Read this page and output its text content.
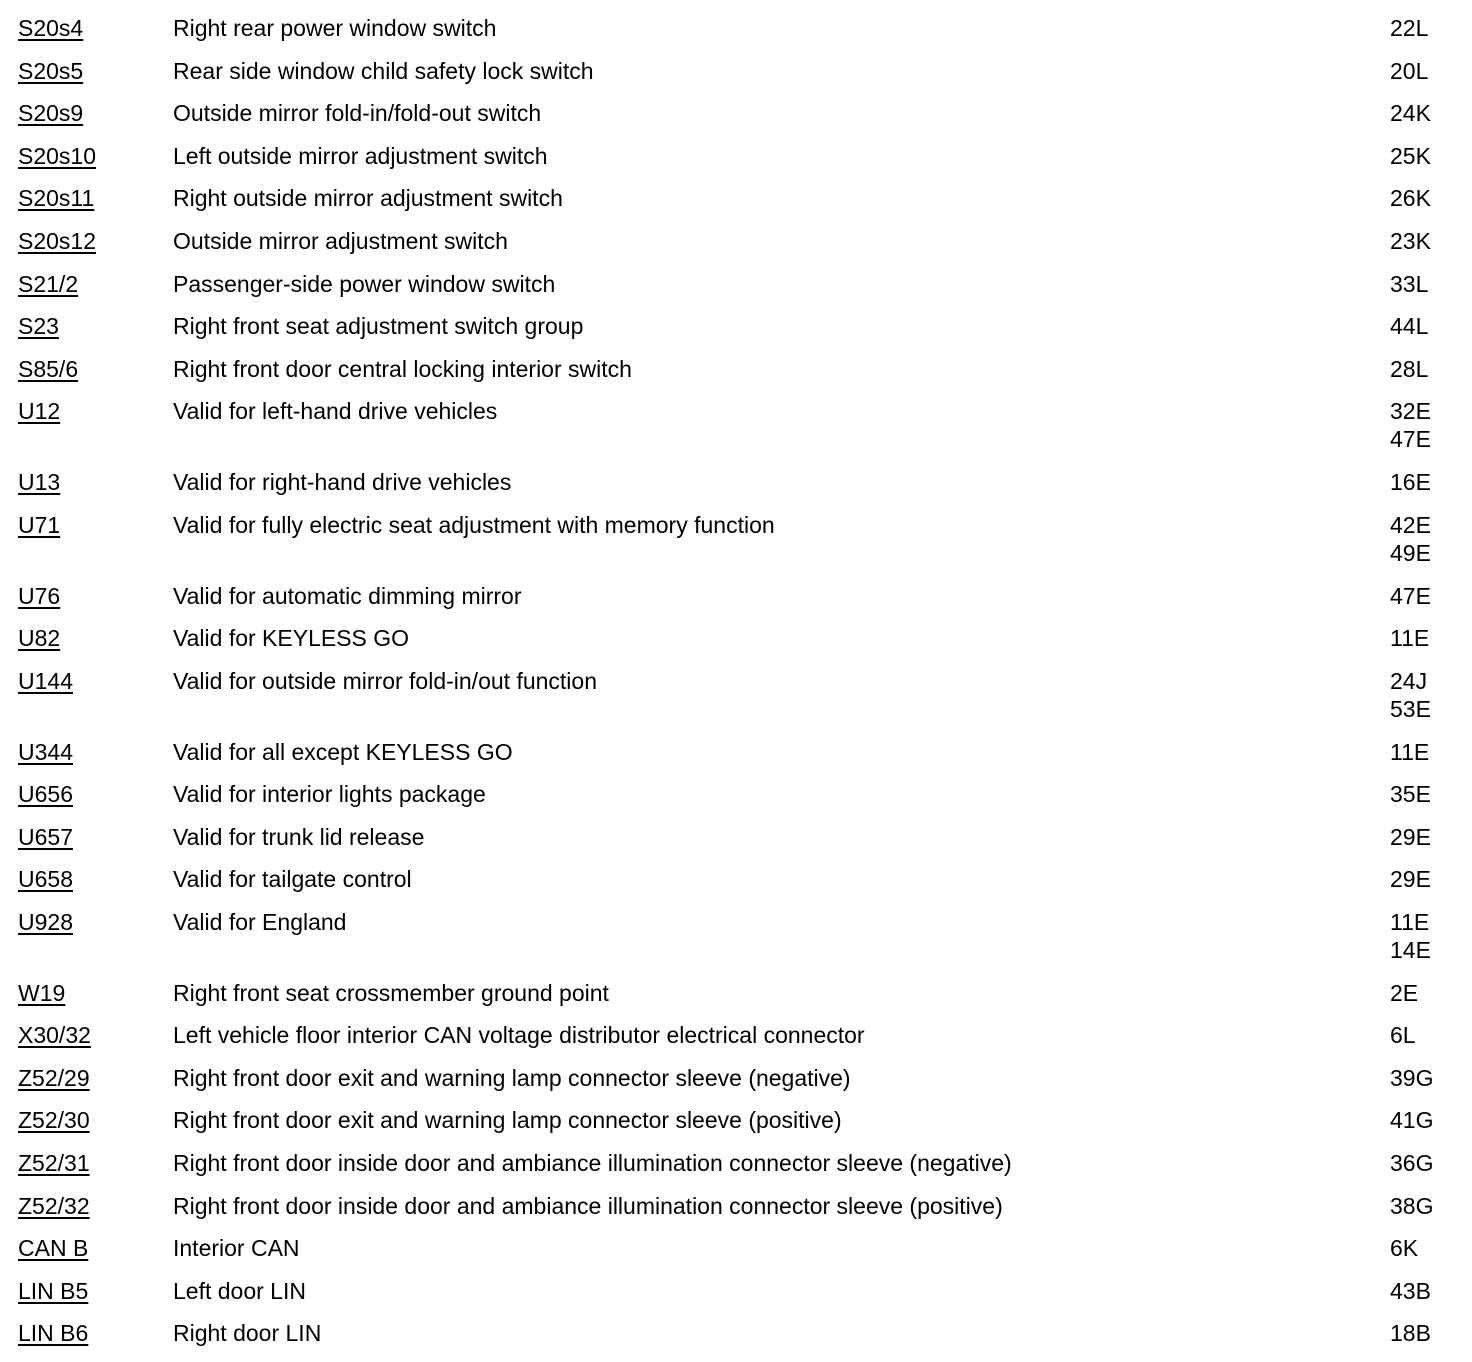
S20s4	Right rear power window switch	22L
S20s5	Rear side window child safety lock switch	20L
S20s9	Outside mirror fold-in/fold-out switch	24K
S20s10	Left outside mirror adjustment switch	25K
S20s11	Right outside mirror adjustment switch	26K
S20s12	Outside mirror adjustment switch	23K
S21/2	Passenger-side power window switch	33L
S23	Right front seat adjustment switch group	44L
S85/6	Right front door central locking interior switch	28L
U12	Valid for left-hand drive vehicles	32E
47E
U13	Valid for right-hand drive vehicles	16E
U71	Valid for fully electric seat adjustment with memory function	42E
49E
U76	Valid for automatic dimming mirror	47E
U82	Valid for KEYLESS GO	11E
U144	Valid for outside mirror fold-in/out function	24J
53E
U344	Valid for all except KEYLESS GO	11E
U656	Valid for interior lights package	35E
U657	Valid for trunk lid release	29E
U658	Valid for tailgate control	29E
U928	Valid for England	11E
14E
W19	Right front seat crossmember ground point	2E
X30/32	Left vehicle floor interior CAN voltage distributor electrical connector	6L
Z52/29	Right front door exit and warning lamp connector sleeve (negative)	39G
Z52/30	Right front door exit and warning lamp connector sleeve (positive)	41G
Z52/31	Right front door inside door and ambiance illumination connector sleeve (negative)	36G
Z52/32	Right front door inside door and ambiance illumination connector sleeve (positive)	38G
CAN B	Interior CAN	6K
LIN B5	Left door LIN	43B
LIN B6	Right door LIN	18B
